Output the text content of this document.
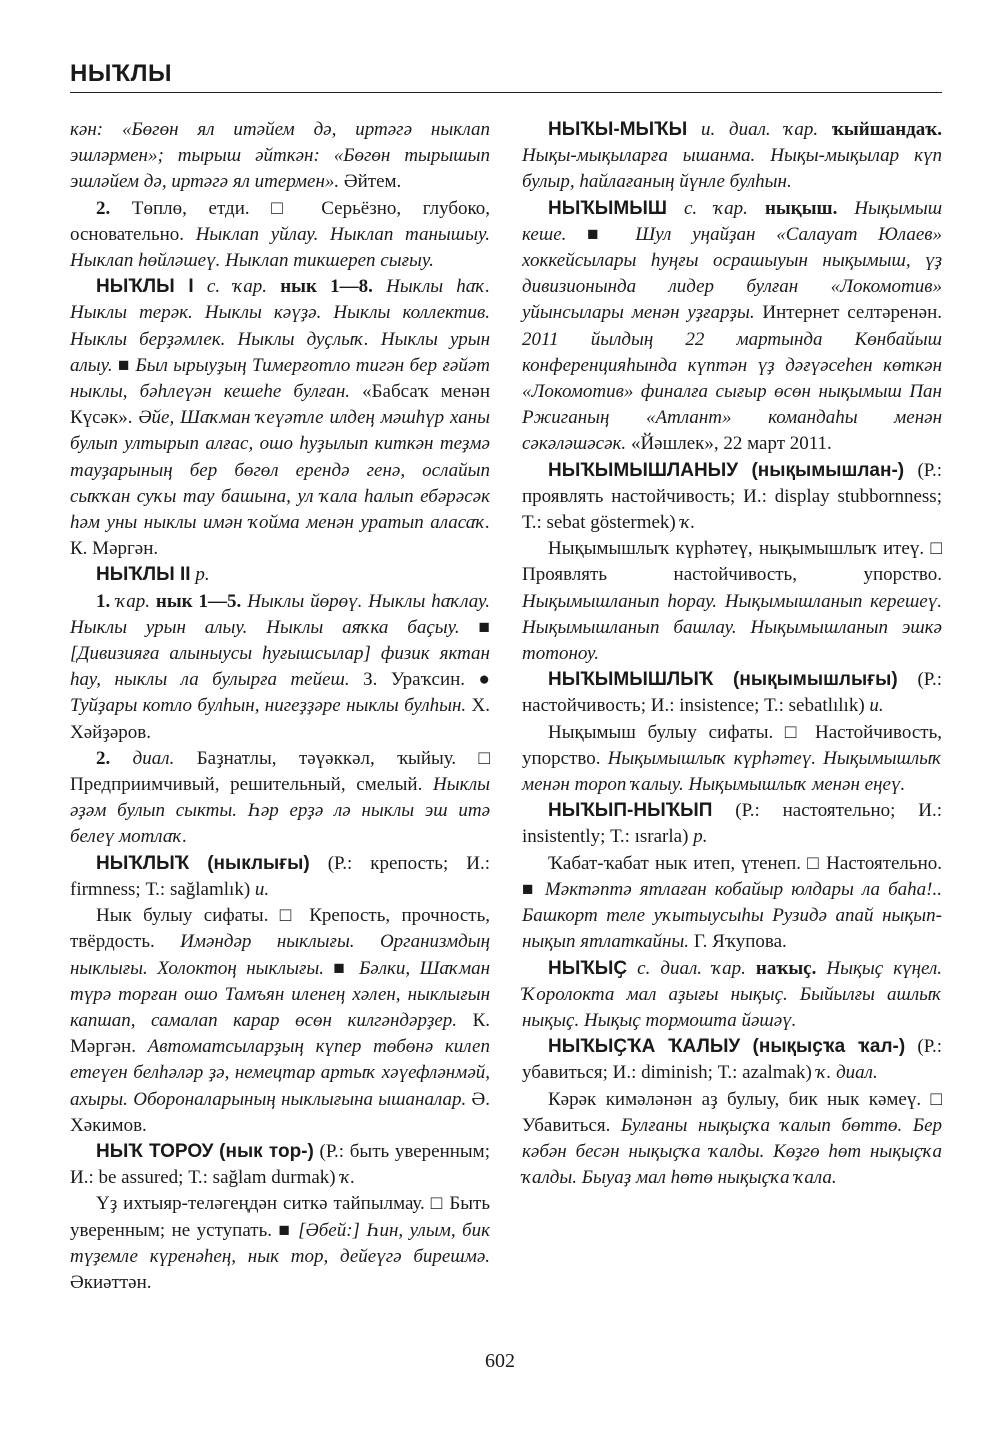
НЫҠЛЫ

кән: «Бөгөн ял итәйем дә, иртәгә ныклап эшләрмен»; тырыш әйткән: «Бөгөн тырышып эшләйем дә, иртәгә ял итермен». Әйтем.

2. Төплө, етди. □ Серьёзно, глубоко, основательно. Ныклап уйлау. Ныклап танышыу. Ныклап һөйләшеү. Ныклап тикшереп сығыу.

НЫҠЛЫ I с. ҡар. нык 1—8. Ныклы һаҡ. Ныклы терәк. Ныклы кәүҙә. Ныклы коллектив. Ныклы берҙәмлек. Ныклы дуҫлыҡ. Ныклы урын алыу. ■ Был ырыуҙың Тимерғотло тигән бер ғәйәт ныклы, бәһлеүән кешеһе булған. «Бабсаҡ менән Күсәк». Әйе, Шаҡман ҡеүәтле илдең мәшһүр ханы булып ултырып алғас, ошо һуҙылып киткән теҙмә тауҙарының бер бөгөл ерендә генә, ослайып сыҡҡан суҡы тау башына, ул ҡала һалып ебәрәсәк һәм уны ныклы имән ҡойма менән уратып аласаҡ. К. Мәргән.

НЫҠЛЫ II р.

1. ҡар. нык 1—5. Ныклы йөрөү. Ныклы һаҡлау. Ныклы урын алыу. Ныклы аяҡка баҫыу. ■ [Дивизияға алыныусы һуғышсылар] физик яктан һау, ныклы ла булырға тейеш. З. Ураҡсин. ● Туйҙары котло булһын, нигеҙҙәре ныклы булһын. Х. Хәйҙәров.

2. диал. Баҙнатлы, тәүәккәл, ҡыйыу. □ Предприимчивый, решительный, смелый. Ныклы әҙәм булып сыкты. Һәр ерҙә лә ныклы эш итә белеү мотлаҡ.

НЫҠЛЫҠ (ныклығы) (Р.: крепость; И.: firmness; Т.: sağlamlık) и.

Нык булыу сифаты. □ Крепость, прочность, твёрдость. Имәндәр ныклығы. Организмдың ныклығы. Холоктоң ныклығы. ■ Бәлки, Шаҡман түрә торған ошо Тамъян иленең хәлен, ныклығын капшап, самалап карар өсөн килгәндәрҙер. К. Мәргән. Автоматсыларҙың күпер төбөнә килеп етеүен белһәләр ҙә, немецтар артыҡ хәүефләнмәй, ахыры. Обороналарының ныклығына ышаналар. Ә. Хәкимов.

НЫҠ ТОРОУ (нык тор-) (Р.: быть уверенным; И.: be assured; Т.: sağlam durmak) ҡ.

Үҙ ихтыяр-теләгеңдән ситкә тайпылмау. □ Быть уверенным; не уступать. ■ [Әбей:] Һин, улым, бик түҙемле күренәһең, нык тор, дейеүгә бирешмә. Әкиәттән.

НЫҠЫ-МЫҠЫ и. диал. ҡар. ҡыйшандаҡ. Нықы-мықыларға ышанма. Нықы-мықылар күп булыр, һайлағаның йүнле булһын.

НЫҠЫМЫШ с. ҡар. нықыш. Нықымыш кеше. ■ Шул уңайҙан «Салауат Юлаев» хоккейсылары һуңғы осрашыуын нықымыш, үҙ дивизионында лидер булған «Локомотив» уйынсылары менән уҙғарҙы. Интернет селтәренән. 2011 йылдың 22 мартында Көнбайыш конференцияһында күптән үҙ дәғүәсеһен көткән «Локомотив» финалға сығыр өсөн нықымыш Пан Ржиганың «Атлант» командаһы менән сәкәләшәсәк. «Йәшлек», 22 март 2011.

НЫҠЫМЫШЛАНЫУ (нықымышлан-) (Р.: проявлять настойчивость; И.: display stubbornness; Т.: sebat göstermek) ҡ.

Нықымышлыҡ күрһәтеү, нықымышлыҡ итеү. □ Проявлять настойчивость, упорство. Нықымышланып һорау. Нықымышланып керешеү. Нықымышланып башлау. Нықымышланып эшкә тотоноу.

НЫҠЫМЫШЛЫҠ (нықымышлығы) (Р.: настойчивость; И.: insistence; Т.: sebatlılık) и.

Нықымыш булыу сифаты. □ Настойчивость, упорство. Нықымышлыҡ күрһәтеү. Нықымышлыҡ менән тороп ҡалыу. Нықымышлыҡ менән еңеү.

НЫҠЫП-НЫҠЫП (Р.: настоятельно; И.: insistently; Т.: ısrarla) р.

Ҡабат-ҡабат нык итеп, үтенеп. □ Настоятельно. ■ Мәктәптә ятлаған кобайыр юлдары ла баһа!.. Башкорт теле уҡытыусыһы Рузидә апай нықып-нықып ятлаткайны. Г. Яҡупова.

НЫҠЫҪ с. диал. ҡар. наҡыҫ. Нықыҫ күңел. Ҡоролокта мал аҙығы нықыҫ. Быйылғы ашлыҡ нықыҫ. Нықыҫ тормошта йәшәү.

НЫҠЫҪҠА ҠАЛЫУ (нықыҫҡа ҡал-) (Р.: убавиться; И.: diminish; Т.: azalmak) ҡ. диал.

Кәрәк кимәләнән аҙ булыу, бик нык кәмеү. □ Убавиться. Булғаны нықыҫҡа ҡалып бөттө. Бер кәбән бесән нықыҫҡа ҡалды. Көҙгө һөт нықыҫҡа ҡалды. Быуаҙ мал һөтө нықыҫҡа ҡала.

602
